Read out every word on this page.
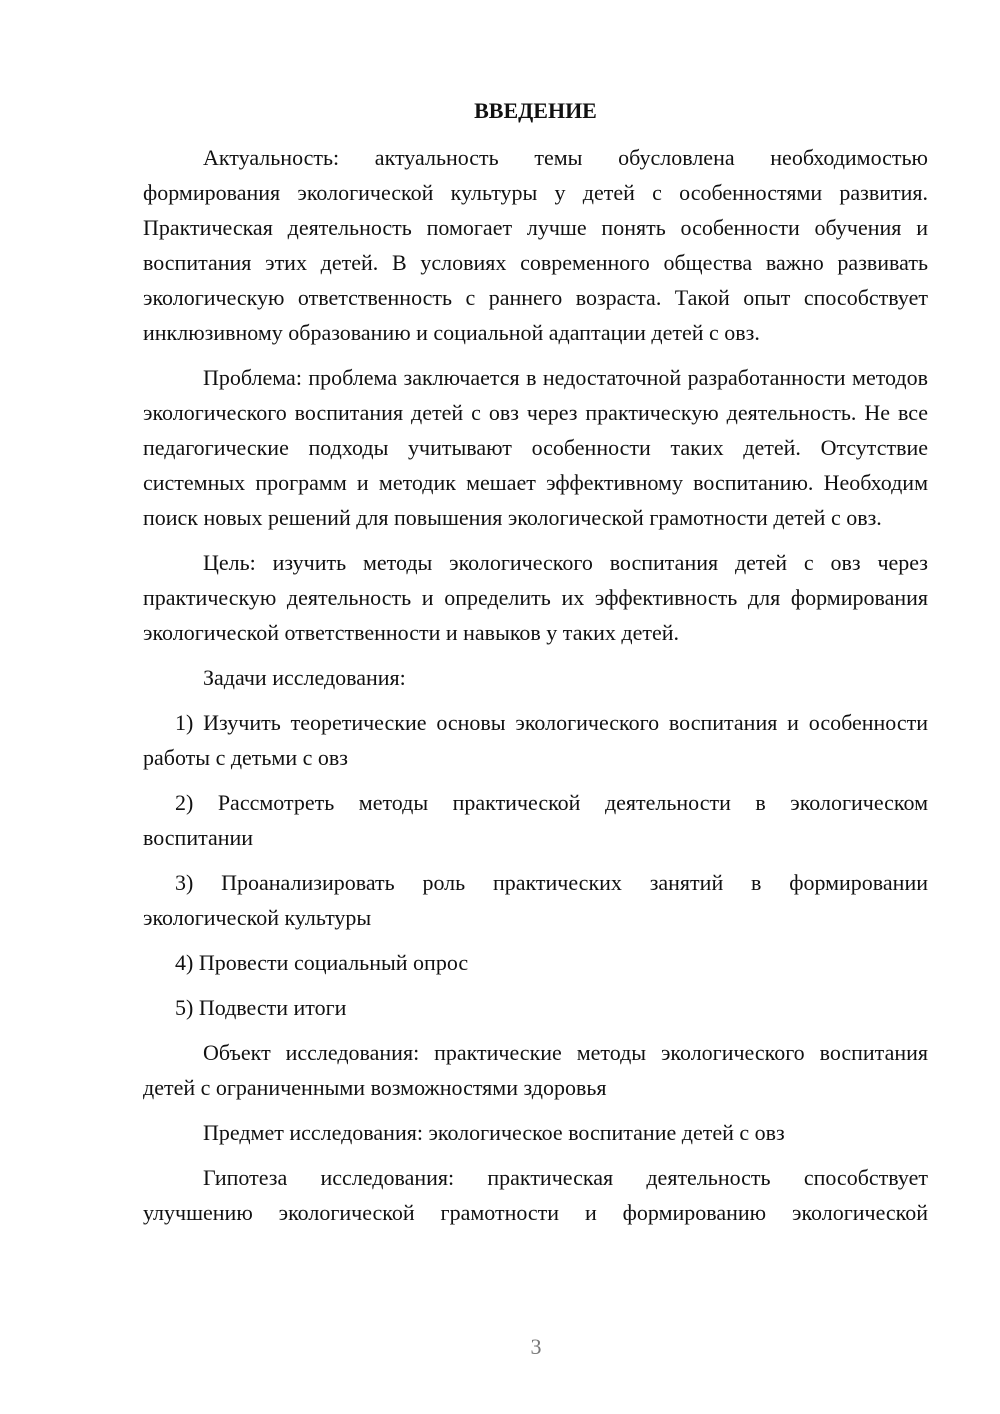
ВВЕДЕНИЕ

Актуальность: актуальность темы обусловлена необходимостью формирования экологической культуры у детей с особенностями развития. Практическая деятельность помогает лучше понять особенности обучения и воспитания этих детей. В условиях современного общества важно развивать экологическую ответственность с раннего возраста. Такой опыт способствует инклюзивному образованию и социальной адаптации детей с овз.

Проблема: проблема заключается в недостаточной разработанности методов экологического воспитания детей с овз через практическую деятельность. Не все педагогические подходы учитывают особенности таких детей. Отсутствие системных программ и методик мешает эффективному воспитанию. Необходим поиск новых решений для повышения экологической грамотности детей с овз.

Цель: изучить методы экологического воспитания детей с овз через практическую деятельность и определить их эффективность для формирования экологической ответственности и навыков у таких детей.

Задачи исследования:

1) Изучить теоретические основы экологического воспитания и особенности работы с детьми с овз

2) Рассмотреть методы практической деятельности в экологическом воспитании

3) Проанализировать роль практических занятий в формировании экологической культуры

4) Провести социальный опрос

5) Подвести итоги

Объект исследования: практические методы экологического воспитания детей с ограниченными возможностями здоровья

Предмет исследования: экологическое воспитание детей с овз

Гипотеза исследования: практическая деятельность способствует улучшению экологической грамотности и формированию экологической

3
